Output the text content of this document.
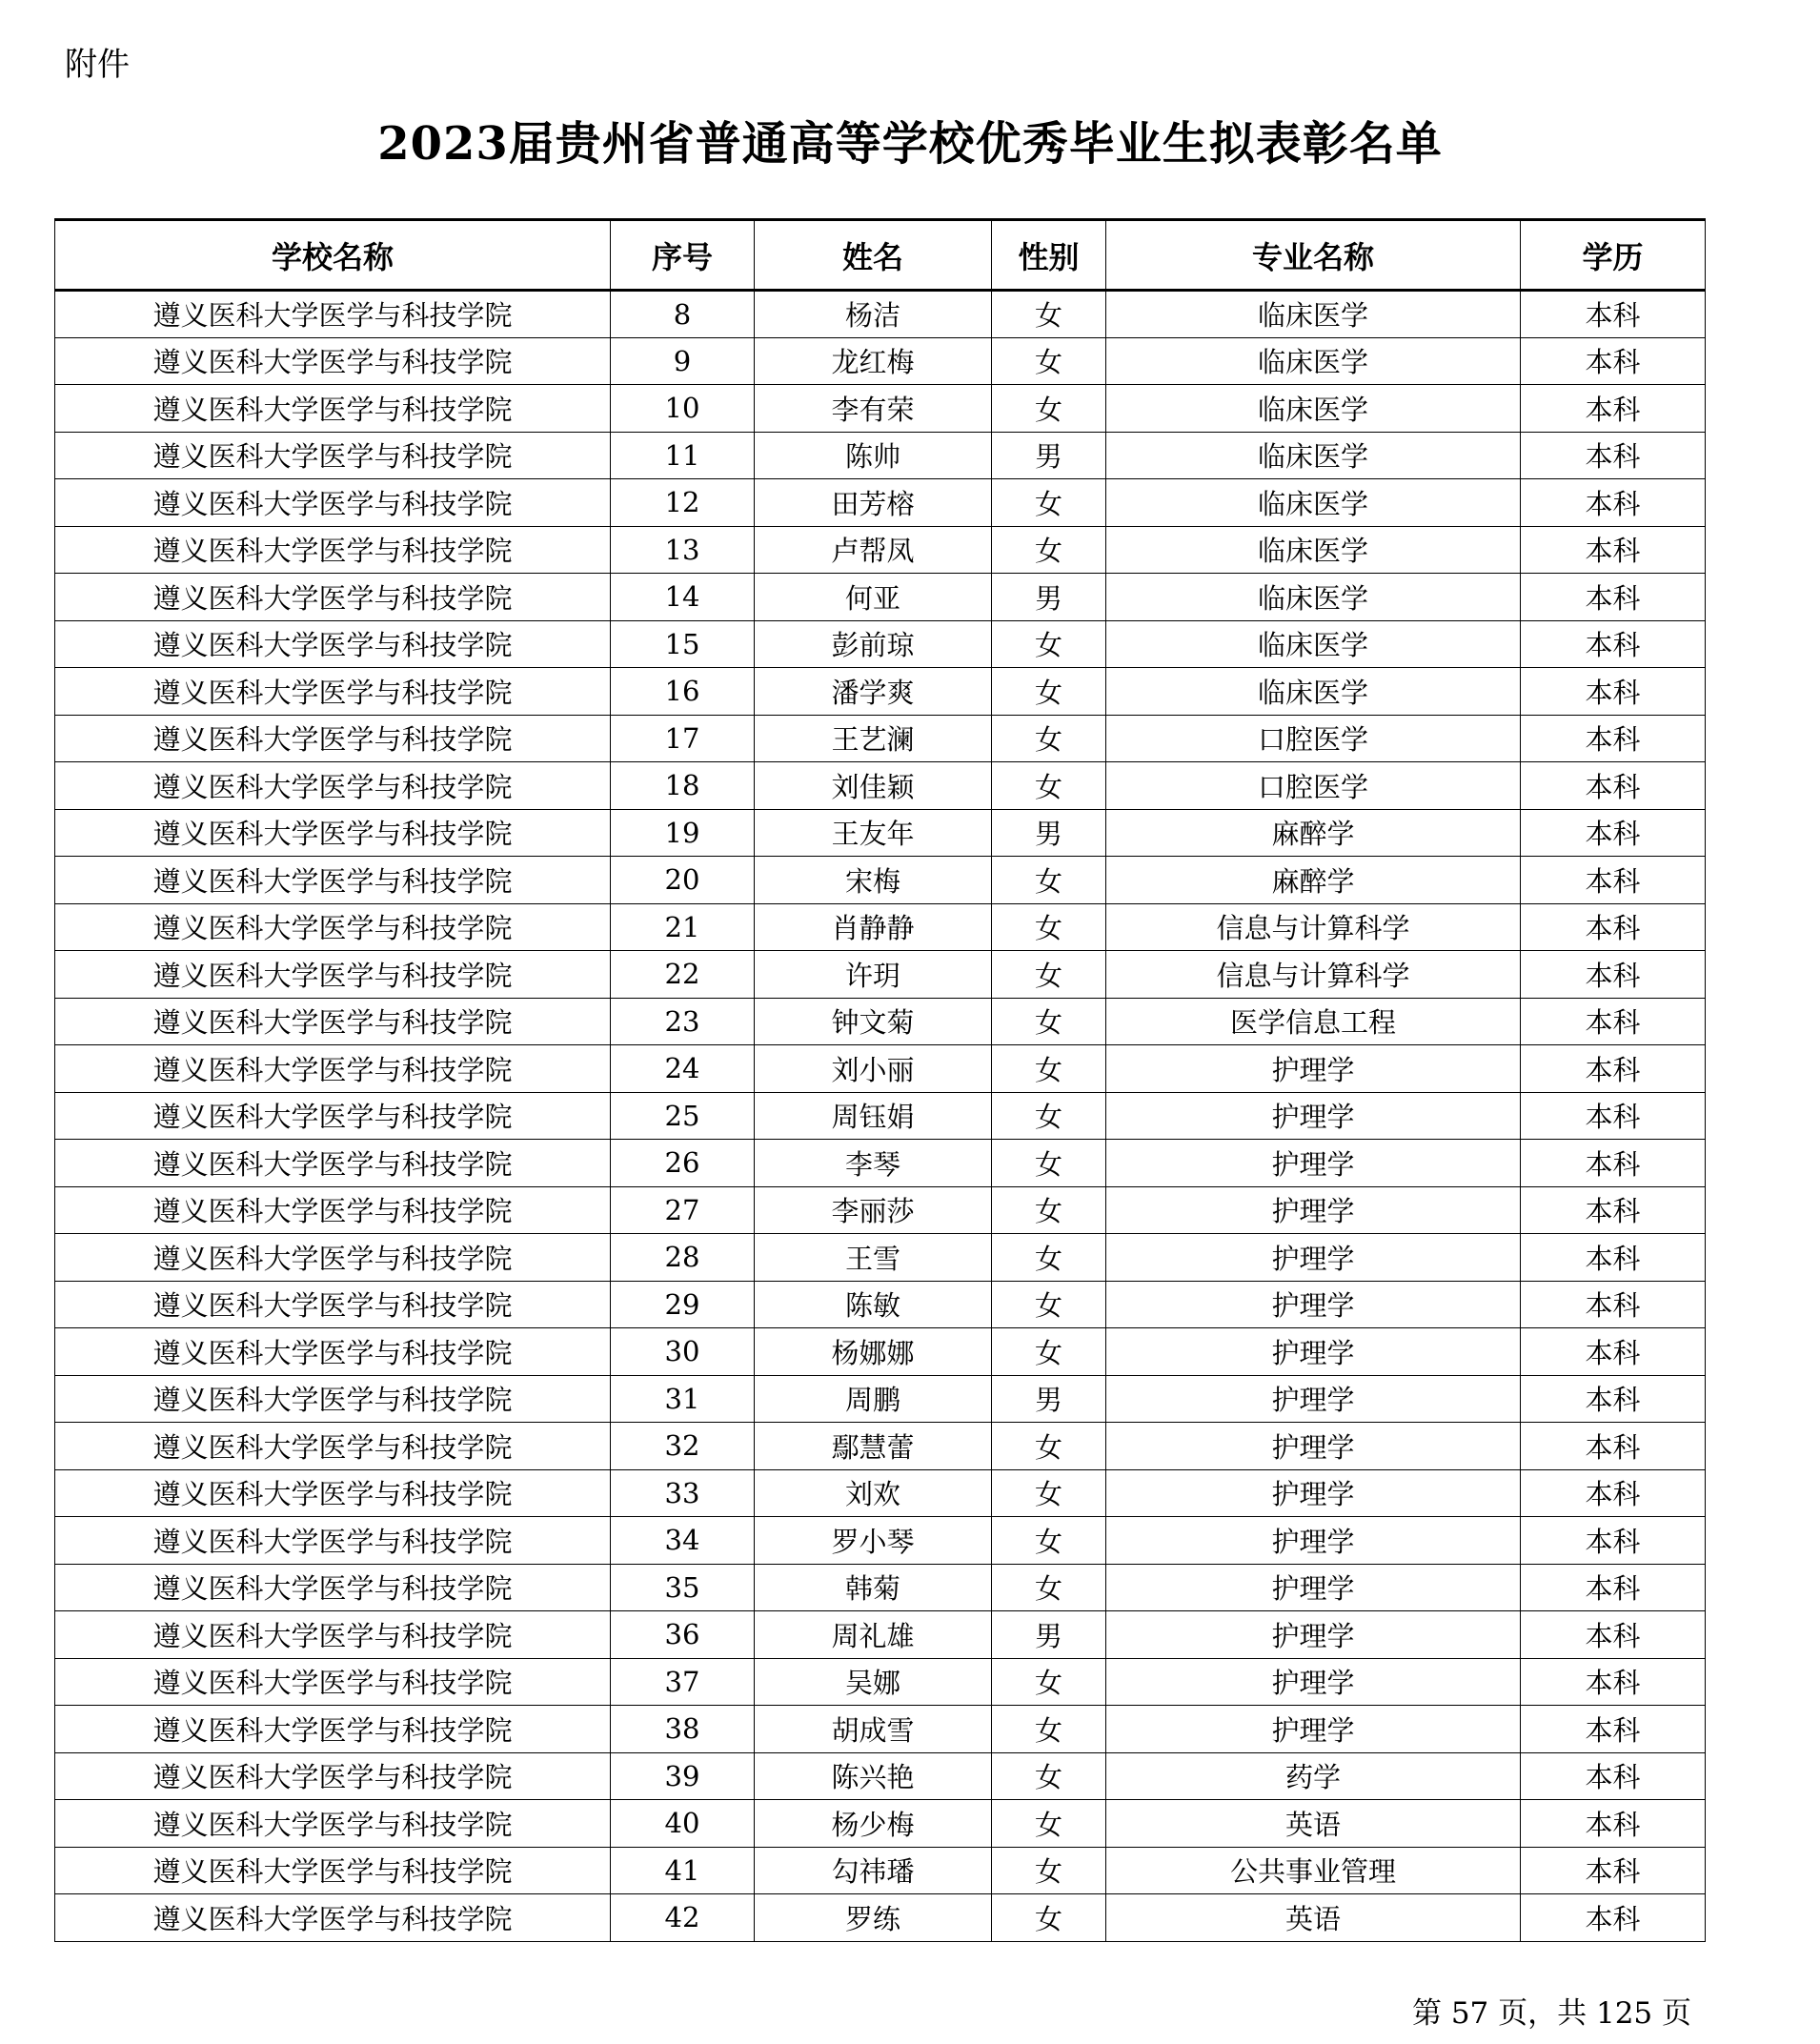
附件
2023届贵州省普通高等学校优秀毕业生拟表彰名单
学校名称	序号	姓名	性别	专业名称	学历
遵义医科大学医学与科技学院	8	杨洁	女	临床医学	本科
遵义医科大学医学与科技学院	9	龙红梅	女	临床医学	本科
遵义医科大学医学与科技学院	10	李有荣	女	临床医学	本科
遵义医科大学医学与科技学院	11	陈帅	男	临床医学	本科
遵义医科大学医学与科技学院	12	田芳榕	女	临床医学	本科
遵义医科大学医学与科技学院	13	卢帮凤	女	临床医学	本科
遵义医科大学医学与科技学院	14	何亚	男	临床医学	本科
遵义医科大学医学与科技学院	15	彭前琼	女	临床医学	本科
遵义医科大学医学与科技学院	16	潘学爽	女	临床医学	本科
遵义医科大学医学与科技学院	17	王艺澜	女	口腔医学	本科
遵义医科大学医学与科技学院	18	刘佳颖	女	口腔医学	本科
遵义医科大学医学与科技学院	19	王友年	男	麻醉学	本科
遵义医科大学医学与科技学院	20	宋梅	女	麻醉学	本科
遵义医科大学医学与科技学院	21	肖静静	女	信息与计算科学	本科
遵义医科大学医学与科技学院	22	许玥	女	信息与计算科学	本科
遵义医科大学医学与科技学院	23	钟文菊	女	医学信息工程	本科
遵义医科大学医学与科技学院	24	刘小丽	女	护理学	本科
遵义医科大学医学与科技学院	25	周钰娟	女	护理学	本科
遵义医科大学医学与科技学院	26	李琴	女	护理学	本科
遵义医科大学医学与科技学院	27	李丽莎	女	护理学	本科
遵义医科大学医学与科技学院	28	王雪	女	护理学	本科
遵义医科大学医学与科技学院	29	陈敏	女	护理学	本科
遵义医科大学医学与科技学院	30	杨娜娜	女	护理学	本科
遵义医科大学医学与科技学院	31	周鹏	男	护理学	本科
遵义医科大学医学与科技学院	32	鄢慧蕾	女	护理学	本科
遵义医科大学医学与科技学院	33	刘欢	女	护理学	本科
遵义医科大学医学与科技学院	34	罗小琴	女	护理学	本科
遵义医科大学医学与科技学院	35	韩菊	女	护理学	本科
遵义医科大学医学与科技学院	36	周礼雄	男	护理学	本科
遵义医科大学医学与科技学院	37	吴娜	女	护理学	本科
遵义医科大学医学与科技学院	38	胡成雪	女	护理学	本科
遵义医科大学医学与科技学院	39	陈兴艳	女	药学	本科
遵义医科大学医学与科技学院	40	杨少梅	女	英语	本科
遵义医科大学医学与科技学院	41	勾祎璠	女	公共事业管理	本科
遵义医科大学医学与科技学院	42	罗练	女	英语	本科
第 57 页，共 125 页
